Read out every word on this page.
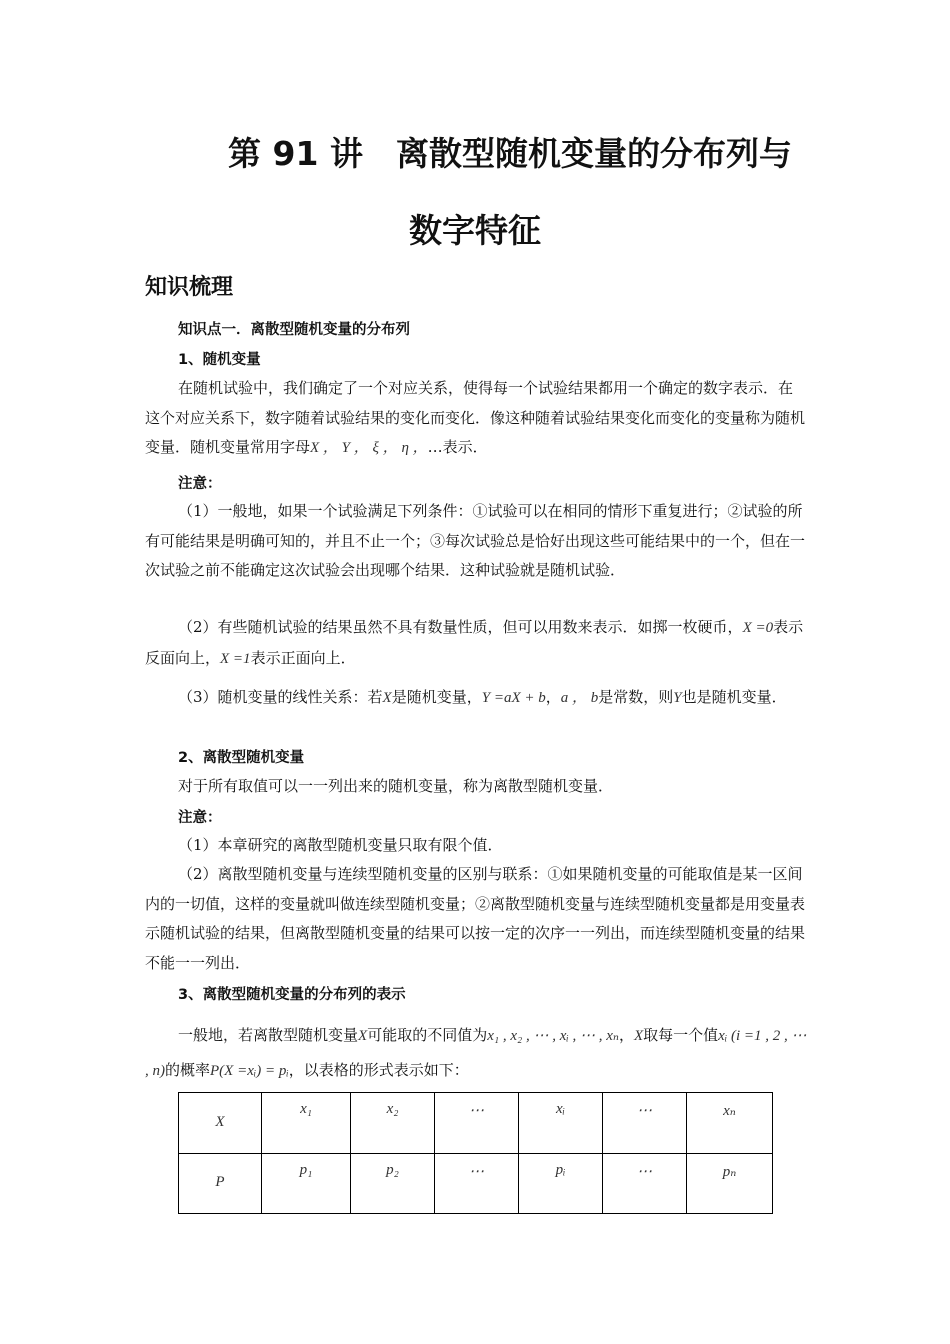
第 91 讲　离散型随机变量的分布列与
数字特征
知识梳理

知识点一．离散型随机变量的分布列

1、随机变量

在随机试验中，我们确定了一个对应关系，使得每一个试验结果都用一个确定的数字表示．在这个对应关系下，数字随着试验结果的变化而变化．像这种随着试验结果变化而变化的变量称为随机变量．随机变量常用字母X ， Y ， ξ ， η ，…表示．

注意：

（1）一般地，如果一个试验满足下列条件：①试验可以在相同的情形下重复进行；②试验的所有可能结果是明确可知的，并且不止一个；③每次试验总是恰好出现这些可能结果中的一个，但在一次试验之前不能确定这次试验会出现哪个结果．这种试验就是随机试验．

（2）有些随机试验的结果虽然不具有数量性质，但可以用数来表示．如掷一枚硬币，X =0表示反面向上，X =1表示正面向上．

（3）随机变量的线性关系：若X是随机变量，Y =aX + b，a ， b是常数，则Y也是随机变量．

2、离散型随机变量

对于所有取值可以一一列出来的随机变量，称为离散型随机变量．

注意：

（1）本章研究的离散型随机变量只取有限个值．

（2）离散型随机变量与连续型随机变量的区别与联系：①如果随机变量的可能取值是某一区间内的一切值，这样的变量就叫做连续型随机变量；②离散型随机变量与连续型随机变量都是用变量表示随机试验的结果，但离散型随机变量的结果可以按一定的次序一一列出，而连续型随机变量的结果不能一一列出．

3、离散型随机变量的分布列的表示

一般地，若离散型随机变量X可能取的不同值为x₁ , x₂ , ⋯ , xᵢ , ⋯ , xₙ，X取每一个值xᵢ (i =1 , 2 , ⋯ , n)的概率P(X =xᵢ) = pᵢ，以表格的形式表示如下：

X	x₁	x₂	⋯	xᵢ	⋯	xₙ
P	p₁	p₂	⋯	pᵢ	⋯	pₙ
